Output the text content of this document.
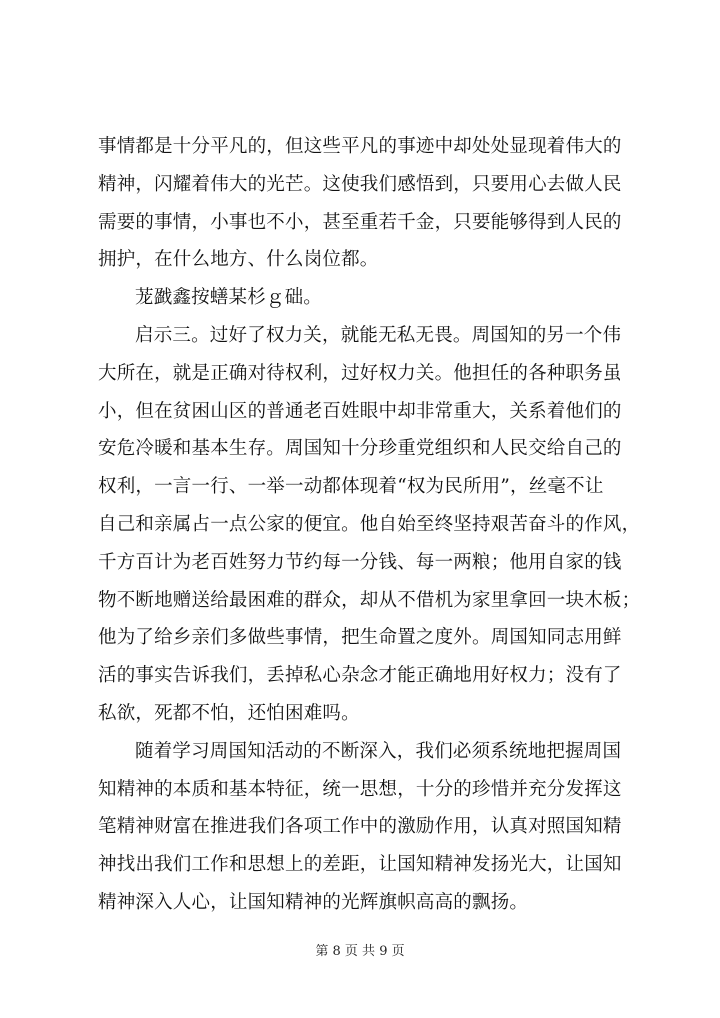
事情都是十分平凡的，但这些平凡的事迹中却处处显现着伟大的
精神，闪耀着伟大的光芒。这使我们感悟到，只要用心去做人民
需要的事情，小事也不小，甚至重若千金，只要能够得到人民的
拥护，在什么地方、什么岗位都。
茏戤鑫按蟮某杉ｇ础。
启示三。过好了权力关，就能无私无畏。周国知的另一个伟
大所在，就是正确对待权利，过好权力关。他担任的各种职务虽
小，但在贫困山区的普通老百姓眼中却非常重大，关系着他们的
安危冷暖和基本生存。周国知十分珍重党组织和人民交给自己的
权利，一言一行、一举一动都体现着“权为民所用”，丝毫不让
自己和亲属占一点公家的便宜。他自始至终坚持艰苦奋斗的作风，
千方百计为老百姓努力节约每一分钱、每一两粮；他用自家的钱
物不断地赠送给最困难的群众，却从不借机为家里拿回一块木板；
他为了给乡亲们多做些事情，把生命置之度外。周国知同志用鲜
活的事实告诉我们，丢掉私心杂念才能正确地用好权力；没有了
私欲，死都不怕，还怕困难吗。
随着学习周国知活动的不断深入，我们必须系统地把握周国
知精神的本质和基本特征，统一思想，十分的珍惜并充分发挥这
笔精神财富在推进我们各项工作中的激励作用，认真对照国知精
神找出我们工作和思想上的差距，让国知精神发扬光大，让国知
精神深入人心，让国知精神的光辉旗帜高高的飘扬。
第 8 页 共 9 页
